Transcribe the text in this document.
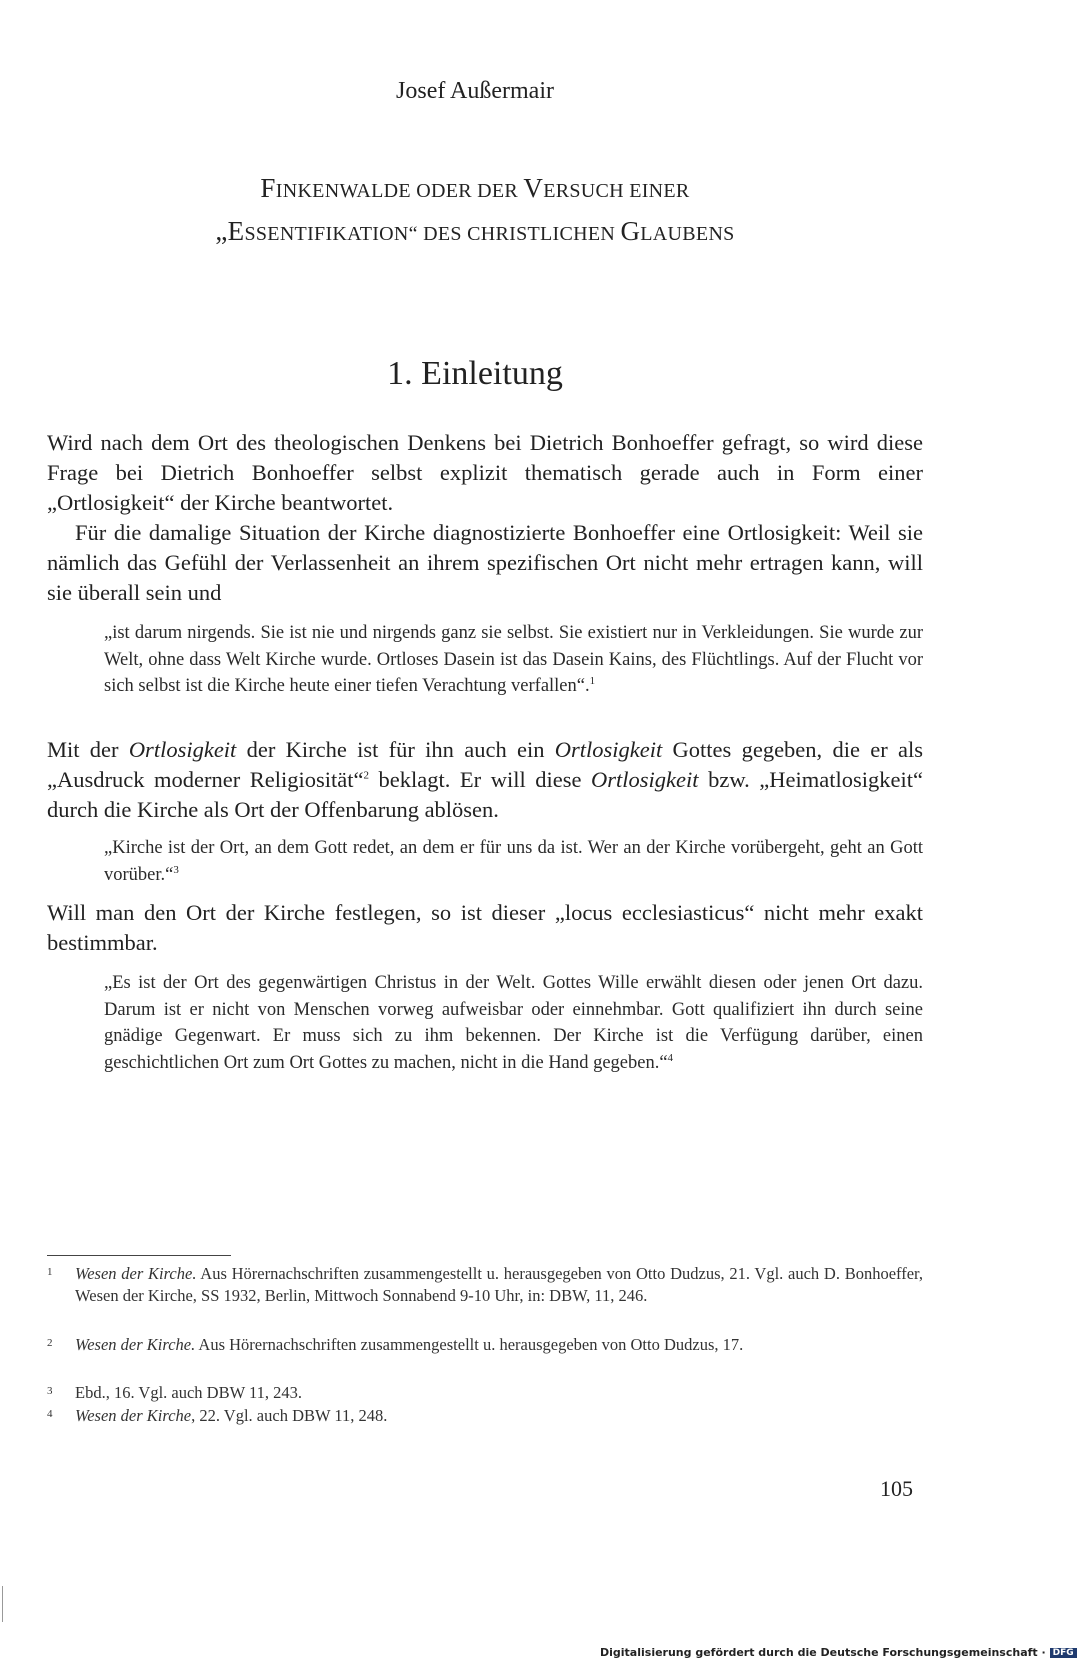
Josef Außermair
FINKENWALDE ODER DER VERSUCH EINER
„ESSENTIFIKATION“ DES CHRISTLICHEN GLAUBENS
1. Einleitung

Wird nach dem Ort des theologischen Denkens bei Dietrich Bonhoeffer gefragt, so wird diese Frage bei Dietrich Bonhoeffer selbst explizit thematisch gerade auch in Form einer „Ortlosigkeit“ der Kirche beantwortet.

Für die damalige Situation der Kirche diagnostizierte Bonhoeffer eine Ortlosigkeit: Weil sie nämlich das Gefühl der Verlassenheit an ihrem spezifischen Ort nicht mehr ertragen kann, will sie überall sein und

„ist darum nirgends. Sie ist nie und nirgends ganz sie selbst. Sie existiert nur in Verkleidungen. Sie wurde zur Welt, ohne dass Welt Kirche wurde. Ortloses Dasein ist das Dasein Kains, des Flüchtlings. Auf der Flucht vor sich selbst ist die Kirche heute einer tiefen Verachtung verfallen“.$^1$

Mit der Ortlosigkeit der Kirche ist für ihn auch ein Ortlosigkeit Gottes gegeben, die er als „Ausdruck moderner Religiosität“$^2$ beklagt. Er will diese Ortlosigkeit bzw. „Heimatlosigkeit“ durch die Kirche als Ort der Offenbarung ablösen.

„Kirche ist der Ort, an dem Gott redet, an dem er für uns da ist. Wer an der Kirche vorübergeht, geht an Gott vorüber.“$^3$

Will man den Ort der Kirche festlegen, so ist dieser „locus ecclesiasticus“ nicht mehr exakt bestimmbar.

„Es ist der Ort des gegenwärtigen Christus in der Welt. Gottes Wille erwählt diesen oder jenen Ort dazu. Darum ist er nicht von Menschen vorweg aufweisbar oder einnehmbar. Gott qualifiziert ihn durch seine gnädige Gegenwart. Er muss sich zu ihm bekennen. Der Kirche ist die Verfügung darüber, einen geschichtlichen Ort zum Ort Gottes zu machen, nicht in die Hand gegeben.“$^4$

1 Wesen der Kirche. Aus Hörernachschriften zusammengestellt u. herausgegeben von Otto Dudzus, 21. Vgl. auch D. Bonhoeffer, Wesen der Kirche, SS 1932, Berlin, Mittwoch Sonnabend 9-10 Uhr, in: DBW, 11, 246.
2 Wesen der Kirche. Aus Hörernachschriften zusammengestellt u. herausgegeben von Otto Dudzus, 17.
3 Ebd., 16. Vgl. auch DBW 11, 243.
4 Wesen der Kirche, 22. Vgl. auch DBW 11, 248.
105
Digitalisierung gefördert durch die Deutsche Forschungsgemeinschaft · DFG
